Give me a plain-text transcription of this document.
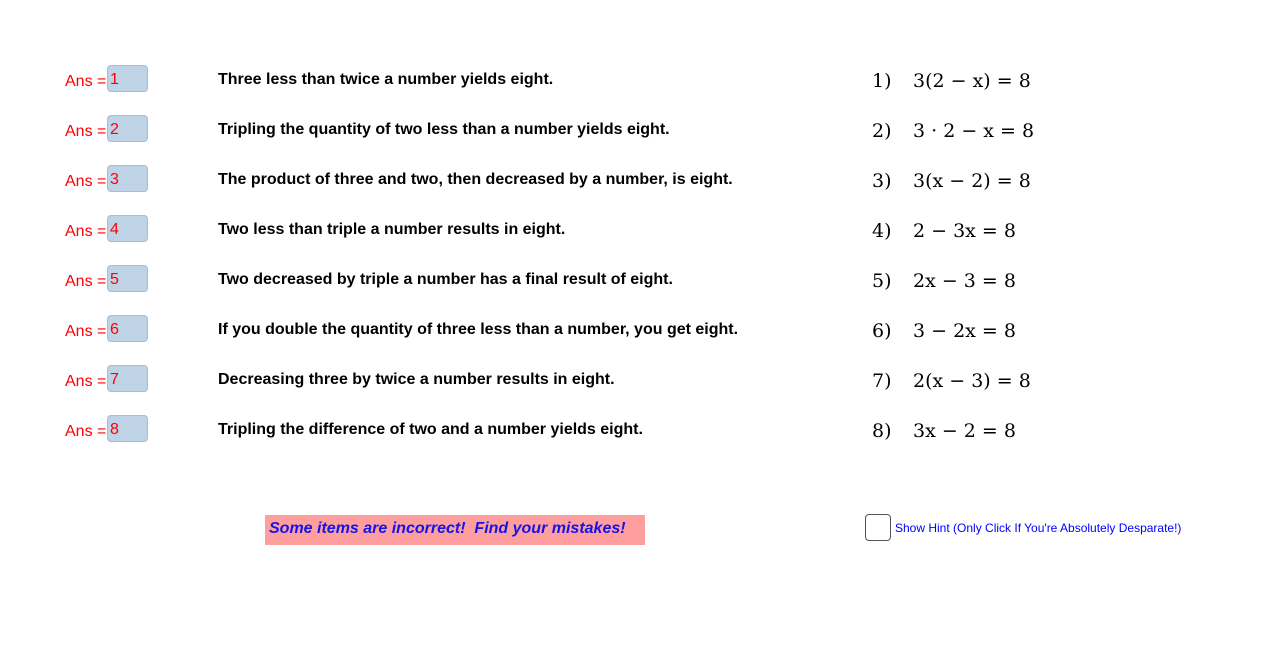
Ans = 1	Three less than twice a number yields eight.	1) 3(2 − x) = 8
Ans = 2	Tripling the quantity of two less than a number yields eight.	2) 3 · 2 − x = 8
Ans = 3	The product of three and two, then decreased by a number, is eight.	3) 3(x − 2) = 8
Ans = 4	Two less than triple a number results in eight.	4) 2 − 3x = 8
Ans = 5	Two decreased by triple a number has a final result of eight.	5) 2x − 3 = 8
Ans = 6	If you double the quantity of three less than a number, you get eight.	6) 3 − 2x = 8
Ans = 7	Decreasing three by twice a number results in eight.	7) 2(x − 3) = 8
Ans = 8	Tripling the difference of two and a number yields eight.	8) 3x − 2 = 8
Some items are incorrect!  Find your mistakes!	Show Hint (Only Click If You're Absolutely Desparate!)
